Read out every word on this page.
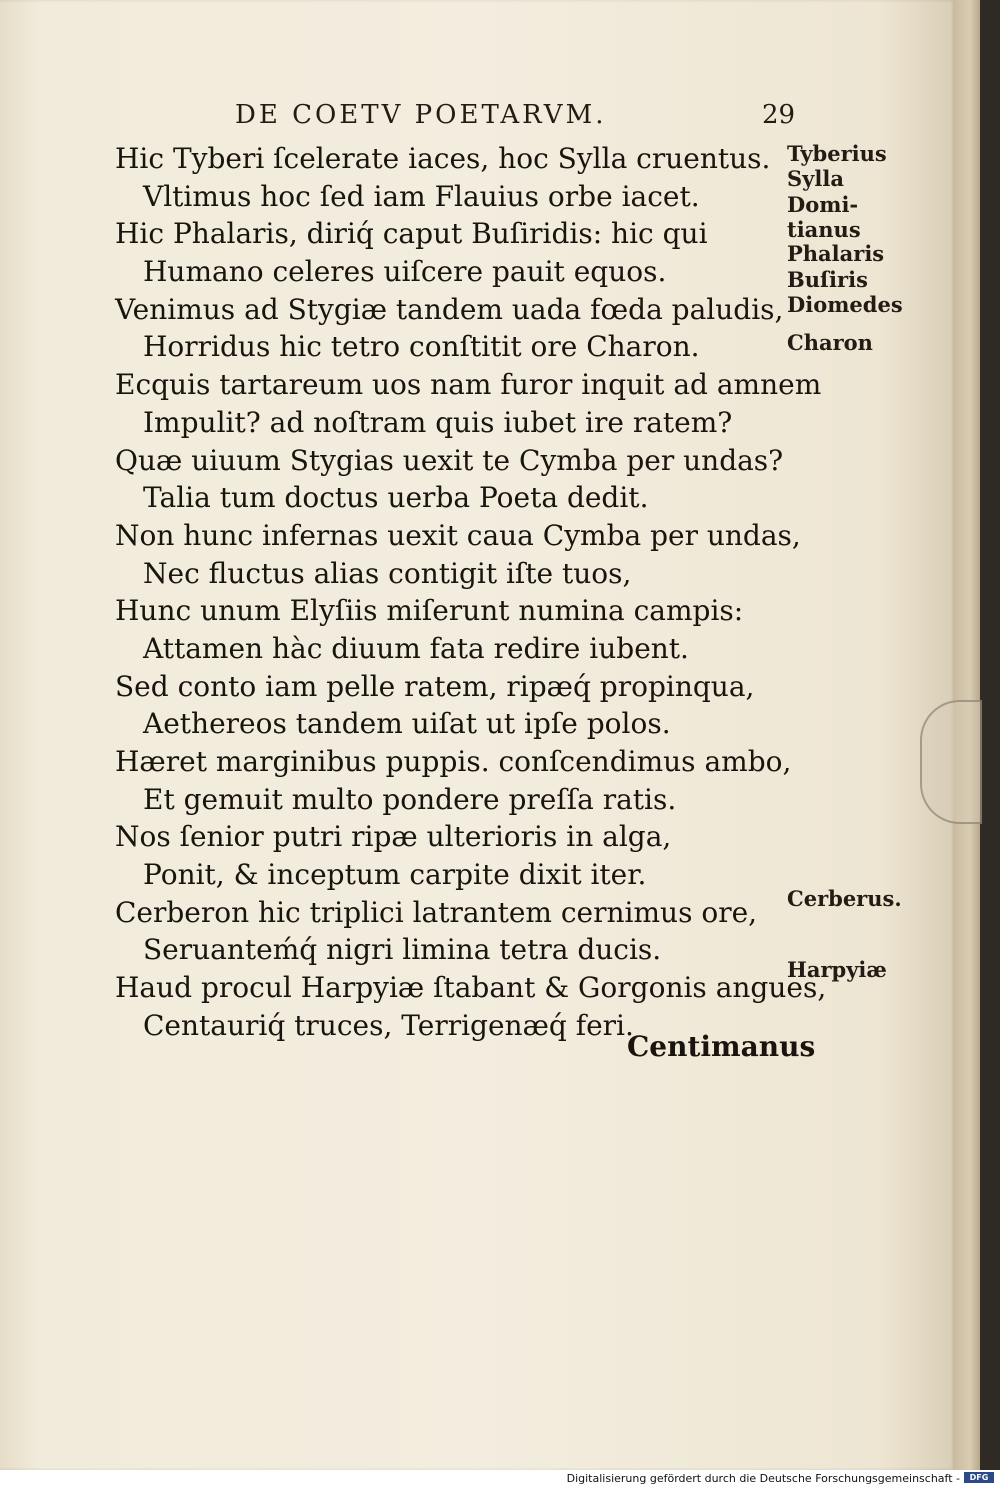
DE COETV POETARVM.	29
Hic Tyberi ſcelerate iaces, hoc Sylla cruentus.
Vltimus hoc ſed iam Flauius orbe iacet.
Hic Phalaris, diriq́ caput Buſiridis: hic qui
Humano celeres uiſcere pauit equos.
Venimus ad Stygiæ tandem uada fœda paludis,
Horridus hic tetro conſtitit ore Charon.
Ecquis tartareum uos nam furor inquit ad amnem
Impulit? ad noſtram quis iubet ire ratem?
Quæ uiuum Stygias uexit te Cymba per undas?
Talia tum doctus uerba Poeta dedit.
Non hunc infernas uexit caua Cymba per undas,
Nec fluctus alias contigit iſte tuos,
Hunc unum Elyſiis miſerunt numina campis:
Attamen hàc diuum fata redire iubent.
Sed conto iam pelle ratem, ripæq́ propinqua,
Aethereos tandem uiſat ut ipſe polos.
Hæret marginibus puppis. conſcendimus ambo,
Et gemuit multo pondere preſſa ratis.
Nos ſenior putri ripæ ulterioris in alga,
Ponit, & inceptum carpite dixit iter.
Cerberon hic triplici latrantem cernimus ore,
Seruanteḿq́ nigri limina tetra ducis.
Haud procul Harpyiæ ſtabant & Gorgonis angues,
Centauriq́ truces, Terrigenæq́ feri.
Tyberius
Sylla
Domi-
tianus
Phalaris
Buſiris
Diomedes
Charon
Cerberus.
Harpyiæ
Centimanus
Digitalisierung gefördert durch die Deutsche Forschungsgemeinschaft -	DFG
